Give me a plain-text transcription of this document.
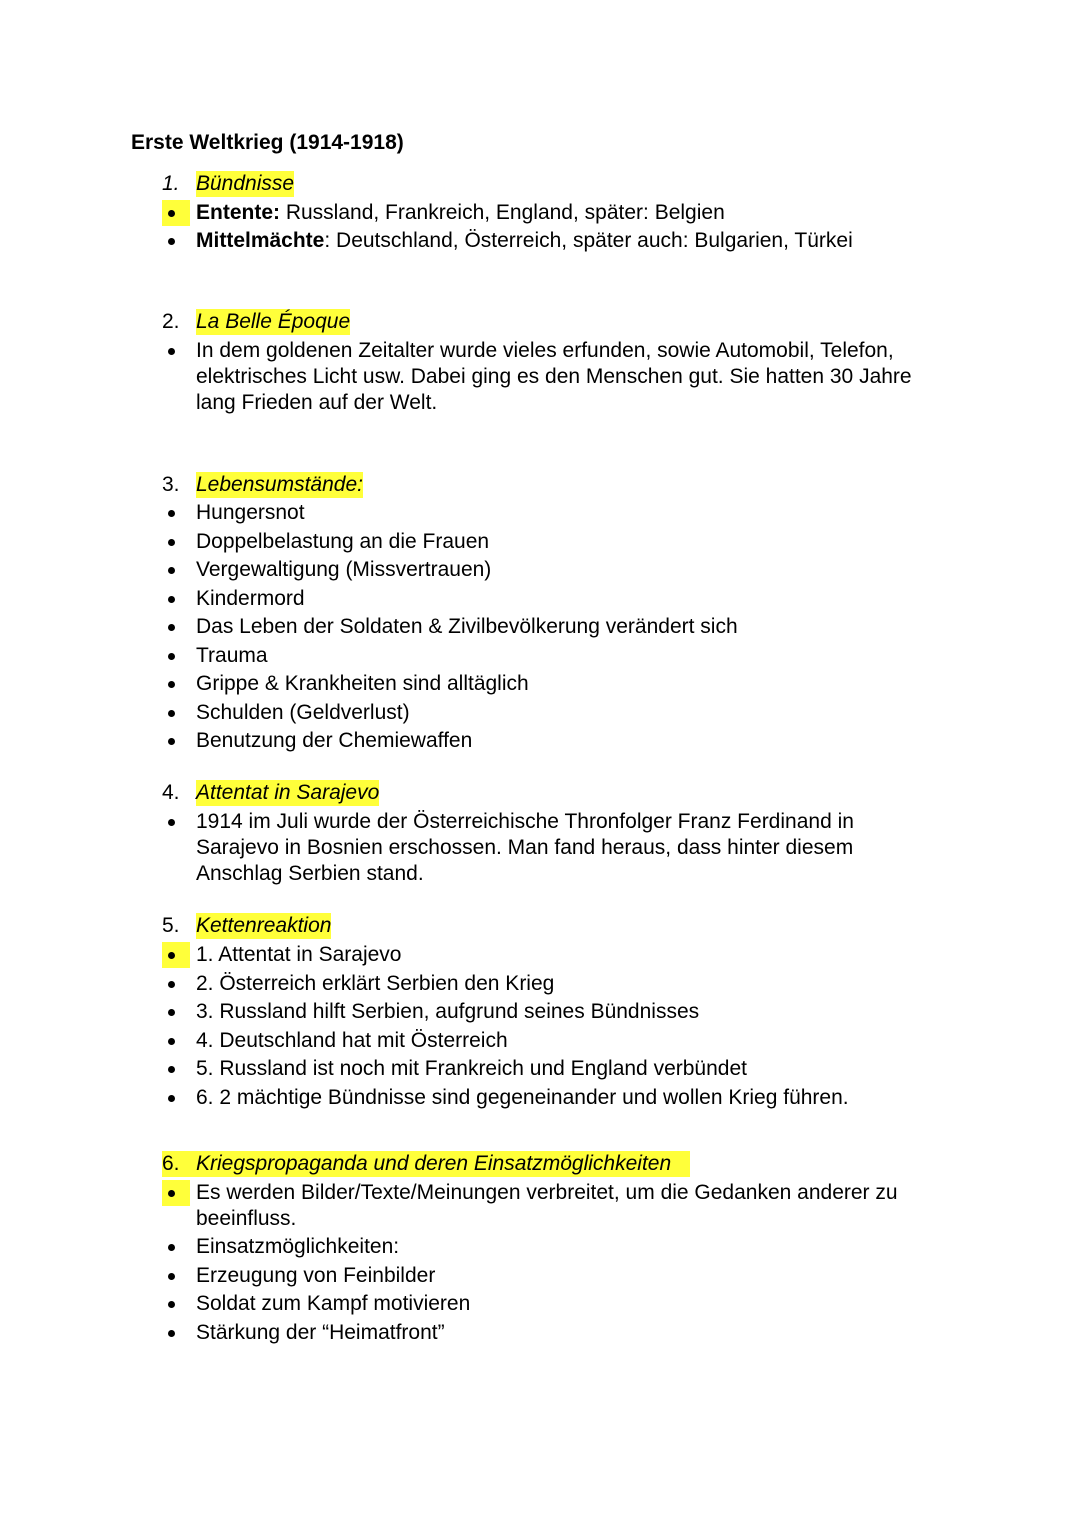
Erste Weltkrieg (1914-1918)
1. Bündnisse
Entente: Russland, Frankreich, England, später: Belgien
Mittelmächte: Deutschland, Österreich, später auch: Bulgarien, Türkei
2. La Belle Époque
In dem goldenen Zeitalter wurde vieles erfunden, sowie Automobil, Telefon, elektrisches Licht usw. Dabei ging es den Menschen gut. Sie hatten 30 Jahre lang Frieden auf der Welt.
3. Lebensumstände:
Hungersnot
Doppelbelastung an die Frauen
Vergewaltigung (Missvertrauen)
Kindermord
Das Leben der Soldaten & Zivilbevölkerung verändert sich
Trauma
Grippe & Krankheiten sind alltäglich
Schulden (Geldverlust)
Benutzung der Chemiewaffen
4. Attentat in Sarajevo
1914 im Juli wurde der Österreichische Thronfolger Franz Ferdinand in Sarajevo in Bosnien erschossen. Man fand heraus, dass hinter diesem Anschlag Serbien stand.
5. Kettenreaktion
1. Attentat in Sarajevo
2. Österreich erklärt Serbien den Krieg
3. Russland hilft Serbien, aufgrund seines Bündnisses
4. Deutschland hat mit Österreich
5. Russland ist noch mit Frankreich und England verbündet
6. 2 mächtige Bündnisse sind gegeneinander und wollen Krieg führen.
6. Kriegspropaganda und deren Einsatzmöglichkeiten
Es werden Bilder/Texte/Meinungen verbreitet, um die Gedanken anderer zu beeinfluss.
Einsatzmöglichkeiten:
Erzeugung von Feinbilder
Soldat zum Kampf motivieren
Stärkung der “Heimatfront”
